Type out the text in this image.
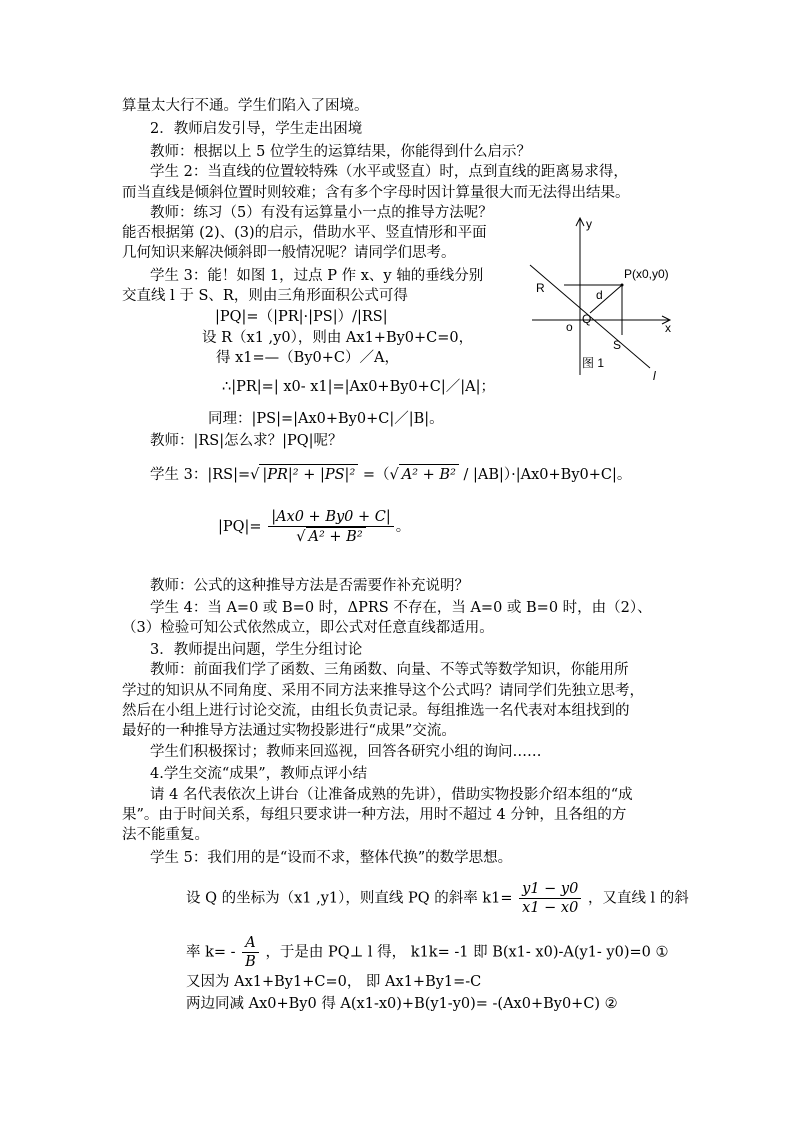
算量太大行不通。学生们陷入了困境。
2．教师启发引导，学生走出困境
教师：根据以上 5 位学生的运算结果，你能得到什么启示？
学生 2：当直线的位置较特殊（水平或竖直）时，点到直线的距离易求得，
而当直线是倾斜位置时则较难；含有多个字母时因计算量很大而无法得出结果。
教师：练习（5）有没有运算量小一点的推导方法呢？
能否根据第 (2)、(3)的启示，借助水平、竖直情形和平面
几何知识来解决倾斜即一般情况呢？请同学们思考。
学生 3：能！如图 1，过点 P 作 x、y 轴的垂线分别
交直线 l 于 S、R，则由三角形面积公式可得
|PQ|=（|PR|·|PS|）/|RS|
设 R（x1 ,y0），则由 Ax1+By0+C=0，
得 x1=—（By0+C）／A，
∴|PR|=| x0- x1|=|Ax0+By0+C|／|A|；
同理：|PS|=|Ax0+By0+C|／|B|。
教师：|RS|怎么求？|PQ|呢？
学生 3：|RS|=√ |PR|² + |PS|² =（√ A² + B² / |AB|）·|Ax0+By0+C|。
$|PQ|= \frac{|Ax0 + By0 + C|}{\text{√ A² + B²}}$ 。
教师：公式的这种推导方法是否需要作补充说明？
学生 4：当 A=0 或 B=0 时，ΔPRS 不存在，当 A=0 或 B=0 时，由（2）、
（3）检验可知公式依然成立，即公式对任意直线都适用。
3．教师提出问题，学生分组讨论
教师：前面我们学了函数、三角函数、向量、不等式等数学知识，你能用所
学过的知识从不同角度、采用不同方法来推导这个公式吗？请同学们先独立思考，
然后在小组上进行讨论交流，由组长负责记录。每组推选一名代表对本组找到的
最好的一种推导方法通过实物投影进行“成果”交流。
学生们积极探讨；教师来回巡视，回答各研究小组的询问……
4.学生交流“成果”，教师点评小结
请 4 名代表依次上讲台（让准备成熟的先讲），借助实物投影介绍本组的“成
果”。由于时间关系，每组只要求讲一种方法，用时不超过 4 分钟，且各组的方
法不能重复。
学生 5：我们用的是“设而不求，整体代换”的数学思想。
设 Q 的坐标为（x1 ,y1），则直线 PQ 的斜率 $k1= \frac{y1 - y0}{x1 - x0}$ ，又直线 l 的斜
率 $k= - \frac{A}{B}$ ，于是由 PQ⊥ l 得， k1k= -1 即 B(x1- x0)-A(y1- y0)=0 ①
又因为 Ax1+By1+C=0， 即 Ax1+By1=-C
两边同减 Ax0+By0 得 A(x1-x0)+B(y1-y0)= -(Ax0+By0+C) ②
y
x
o
P(x0,y0)
R
S
Q
d
l
图 1
